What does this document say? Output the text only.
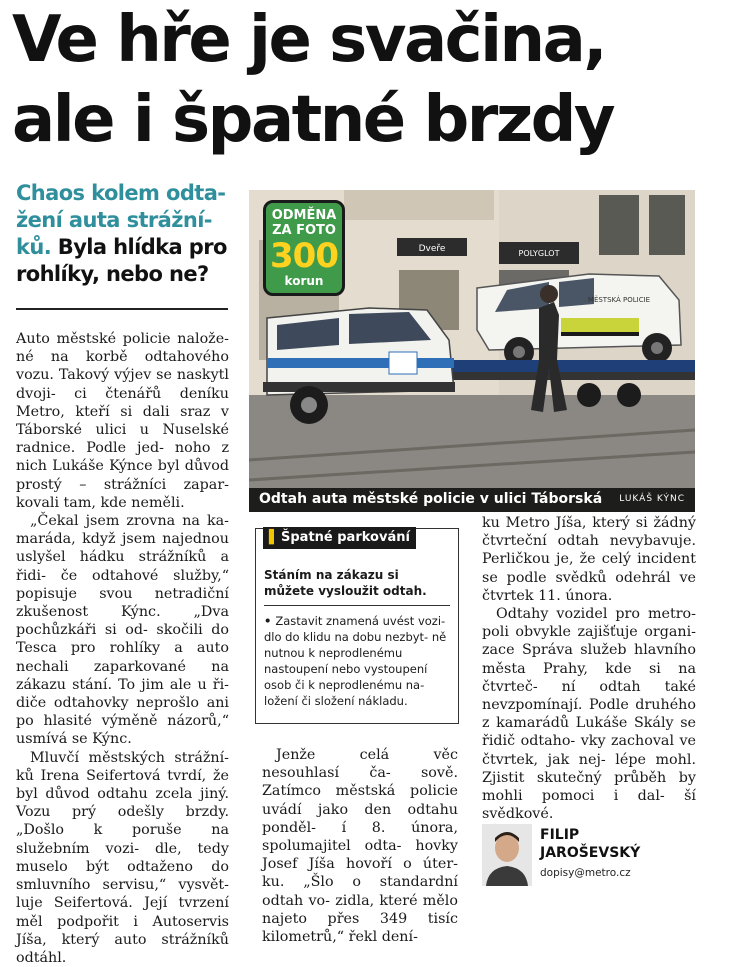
Ve hře je svačina,
ale i špatné brzdy
Chaos kolem odta- žení auta strážní- ků. Byla hlídka pro rohlíky, nebo ne?

Auto městské policie nalože- né na korbě odtahového vozu. Takový výjev se naskytl dvoji- ci čtenářů deníku Metro, kteří si dali sraz v Táborské ulici u Nuselské radnice. Podle jed- noho z nich Lukáše Kýnce byl důvod prostý – strážníci zapar- kovali tam, kde neměli.

„Čekal jsem zrovna na ka- maráda, když jsem najednou uslyšel hádku strážníků a řidi- če odtahové služby,“ popisuje svou netradiční zkušenost Kýnc. „Dva pochůzkáři si od- skočili do Tesca pro rohlíky a auto nechali zaparkované na zákazu stání. To jim ale u ři- diče odtahovky neprošlo ani po hlasité výměně názorů,“ usmívá se Kýnc.

Mluvčí městských strážní- ků Irena Seifertová tvrdí, že byl důvod odtahu zcela jiný. Vozu prý odešly brzdy. „Došlo k poruše na služebním vozi- dle, tedy muselo být odtaženo do smluvního servisu,“ vysvět- luje Seifertová. Její tvrzení měl podpořit i Autoservis Jíša, který auto strážníků odtáhl.

Dveře	POLYGLOT
MĚSTSKÁ POLICIE
ODMĚNA
ZA FOTO
300
korun
Odtah auta městské policie v ulici Táborská LUKÁŠ KÝNC
▌ Špatné parkování
Stáním na zákazu si můžete vysloužit odtah.
• Zastavit znamená uvést vozi- dlo do klidu na dobu nezbyt- ně nutnou k neprodlenému nastoupení nebo vystoupení osob či k neprodlenému na- ložení či složení nákladu.

Jenže celá věc nesouhlasí ča- sově. Zatímco městská policie uvádí jako den odtahu ponděl- í 8. února, spolumajitel odta- hovky Josef Jíša hovoří o úter- ku. „Šlo o standardní odtah vo- zidla, které mělo najeto přes 349 tisíc kilometrů,“ řekl dení-

ku Metro Jíša, který si žádný čtvrteční odtah nevybavuje. Perličkou je, že celý incident se podle svědků odehrál ve čtvrtek 11. února.

Odtahy vozidel pro metro- poli obvykle zajišťuje organi- zace Správa služeb hlavního města Prahy, kde si na čtvrteč- ní odtah také nevzpomínají. Podle druhého z kamarádů Lukáše Skály se řidič odtaho- vky zachoval ve čtvrtek, jak nej- lépe mohl. Zjistit skutečný průběh by mohli pomoci i dal- ší svědkové.

FILIP
JAROŠEVSKÝ
dopisy@metro.cz
